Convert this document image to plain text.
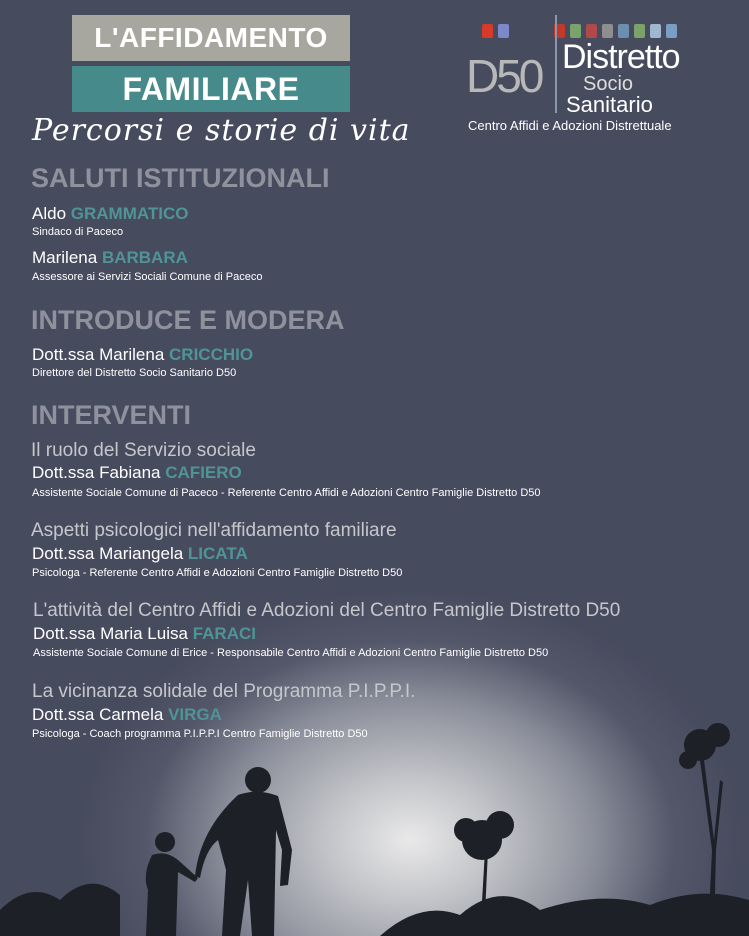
L'AFFIDAMENTO
FAMILIARE
Percorsi e storie di vita
D50 Distretto
Socio
Sanitario
Centro Affidi e Adozioni Distrettuale
SALUTI ISTITUZIONALI
Aldo GRAMMATICO
Sindaco di Paceco
Marilena BARBARA
Assessore ai Servizi Sociali Comune di Paceco
INTRODUCE E MODERA
Dott.ssa Marilena CRICCHIO
Direttore del Distretto Socio Sanitario D50
INTERVENTI
Il ruolo del Servizio sociale
Dott.ssa Fabiana CAFIERO
Assistente Sociale Comune di Paceco - Referente Centro Affidi e Adozioni Centro Famiglie Distretto D50
Aspetti psicologici nell'affidamento familiare
Dott.ssa Mariangela LICATA
Psicologa - Referente Centro Affidi e Adozioni Centro Famiglie Distretto D50
L'attività del Centro Affidi e Adozioni del Centro Famiglie Distretto D50
Dott.ssa Maria Luisa FARACI
Assistente Sociale Comune di Erice - Responsabile Centro Affidi e Adozioni Centro Famiglie Distretto D50
La vicinanza solidale del Programma P.I.P.P.I.
Dott.ssa Carmela VIRGA
Psicologa - Coach programma P.I.P.P.I Centro Famiglie Distretto D50
